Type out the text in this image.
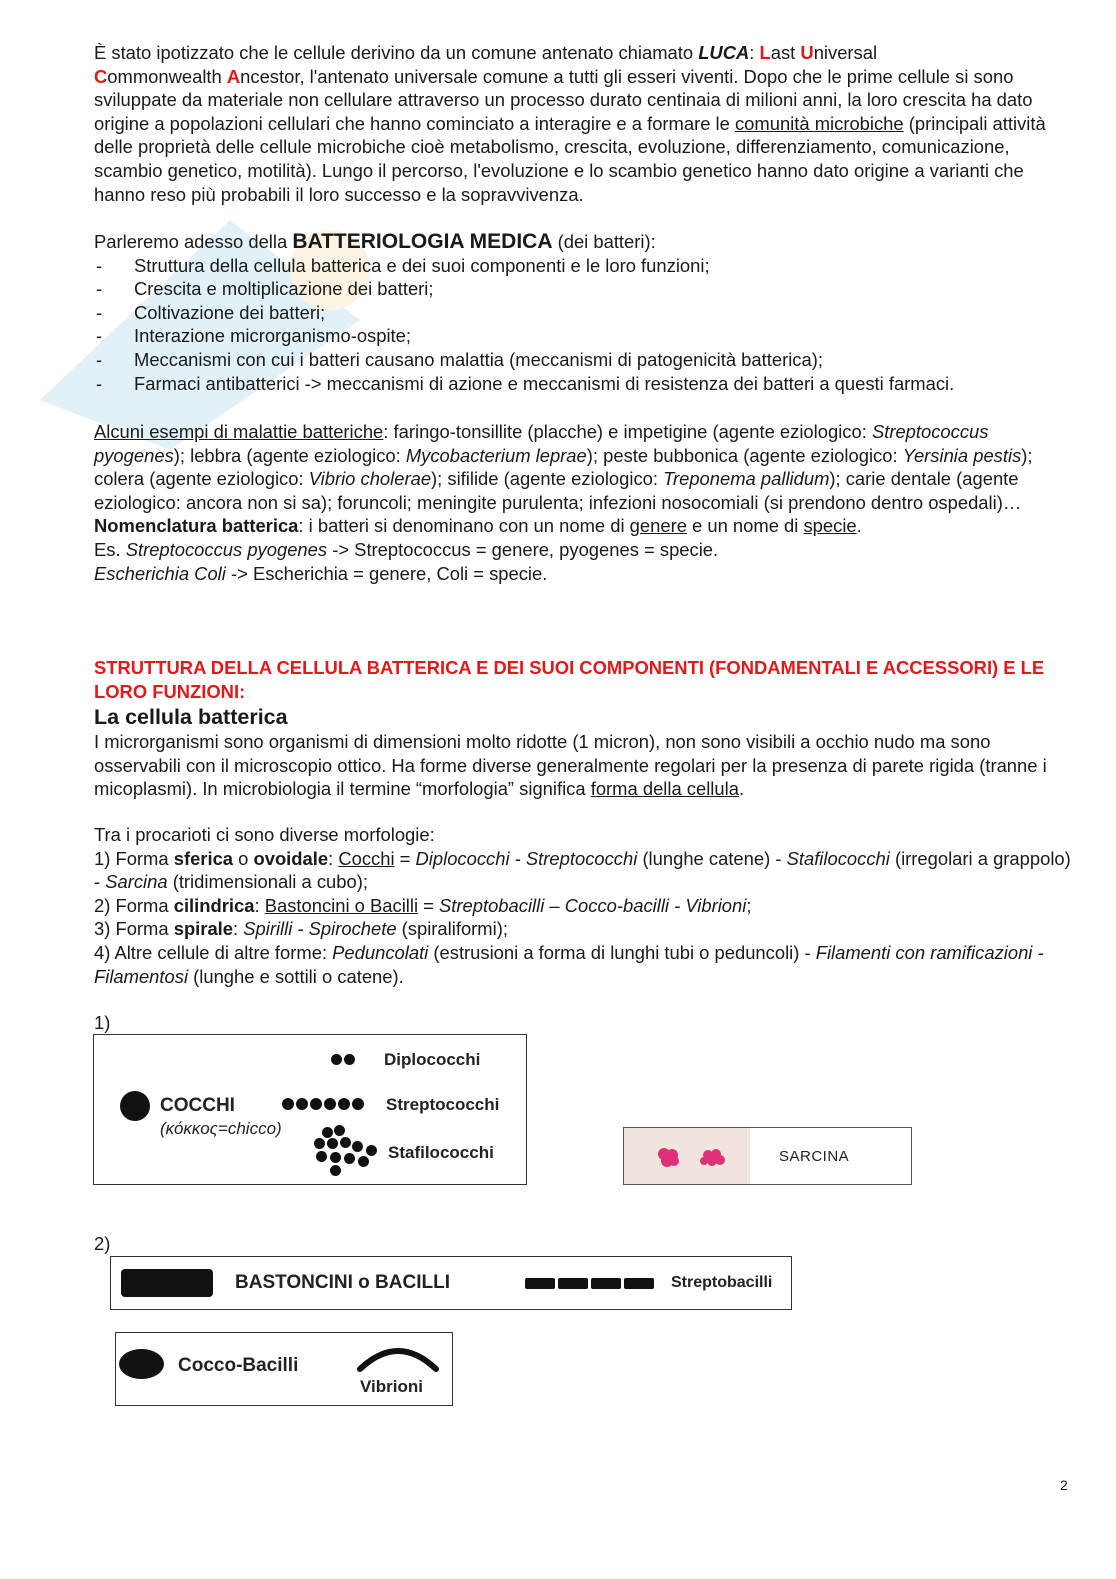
È stato ipotizzato che le cellule derivino da un comune antenato chiamato LUCA: Last Universal
Commonwealth Ancestor, l'antenato universale comune a tutti gli esseri viventi. Dopo che le prime cellule si sono sviluppate da materiale non cellulare attraverso un processo durato centinaia di milioni anni, la loro crescita ha dato origine a popolazioni cellulari che hanno cominciato a interagire e a formare le comunità microbiche (principali attività delle proprietà delle cellule microbiche cioè metabolismo, crescita, evoluzione, differenziamento, comunicazione, scambio genetico, motilità). Lungo il percorso, l'evoluzione e lo scambio genetico hanno dato origine a varianti che hanno reso più probabili il loro successo e la sopravvivenza.

Parleremo adesso della BATTERIOLOGIA MEDICA (dei batteri):

- Struttura della cellula batterica e dei suoi componenti e le loro funzioni;
- Crescita e moltiplicazione dei batteri;
- Coltivazione dei batteri;
- Interazione microrganismo-ospite;
- Meccanismi con cui i batteri causano malattia (meccanismi di patogenicità batterica);
- Farmaci antibatterici -> meccanismi di azione e meccanismi di resistenza dei batteri a questi farmaci.

Alcuni esempi di malattie batteriche: faringo-tonsillite (placche) e impetigine (agente eziologico: Streptococcus pyogenes); lebbra (agente eziologico: Mycobacterium leprae); peste bubbonica (agente eziologico: Yersinia pestis); colera (agente eziologico: Vibrio cholerae); sifilide (agente eziologico: Treponema pallidum); carie dentale (agente eziologico: ancora non si sa); foruncoli; meningite purulenta; infezioni nosocomiali (si prendono dentro ospedali)…

Nomenclatura batterica: i batteri si denominano con un nome di genere e un nome di specie.

Es. Streptococcus pyogenes -> Streptococcus = genere, pyogenes = specie.

Escherichia Coli -> Escherichia = genere, Coli = specie.

STRUTTURA DELLA CELLULA BATTERICA E DEI SUOI COMPONENTI (FONDAMENTALI E ACCESSORI) E LE LORO FUNZIONI:

La cellula batterica

I microrganismi sono organismi di dimensioni molto ridotte (1 micron), non sono visibili a occhio nudo ma sono osservabili con il microscopio ottico. Ha forme diverse generalmente regolari per la presenza di parete rigida (tranne i micoplasmi). In microbiologia il termine “morfologia” significa forma della cellula.

Tra i procarioti ci sono diverse morfologie:

1) Forma sferica o ovoidale: Cocchi = Diplococchi - Streptococchi (lunghe catene) - Stafilococchi (irregolari a grappolo) - Sarcina (tridimensionali a cubo);

2) Forma cilindrica: Bastoncini o Bacilli = Streptobacilli – Cocco-bacilli - Vibrioni;

3) Forma spirale: Spirilli - Spirochete (spiraliformi);

4) Altre cellule di altre forme: Peduncolati (estrusioni a forma di lunghi tubi o peduncoli) - Filamenti con ramificazioni - Filamentosi (lunghe e sottili o catene).

1)
COCCHI
(κόκκος=chicco)
Diplococchi
Streptococchi
Stafilococchi	SARCINA
2)
BASTONCINI o BACILLI	Streptobacilli
Cocco-Bacilli
Vibrioni
2
